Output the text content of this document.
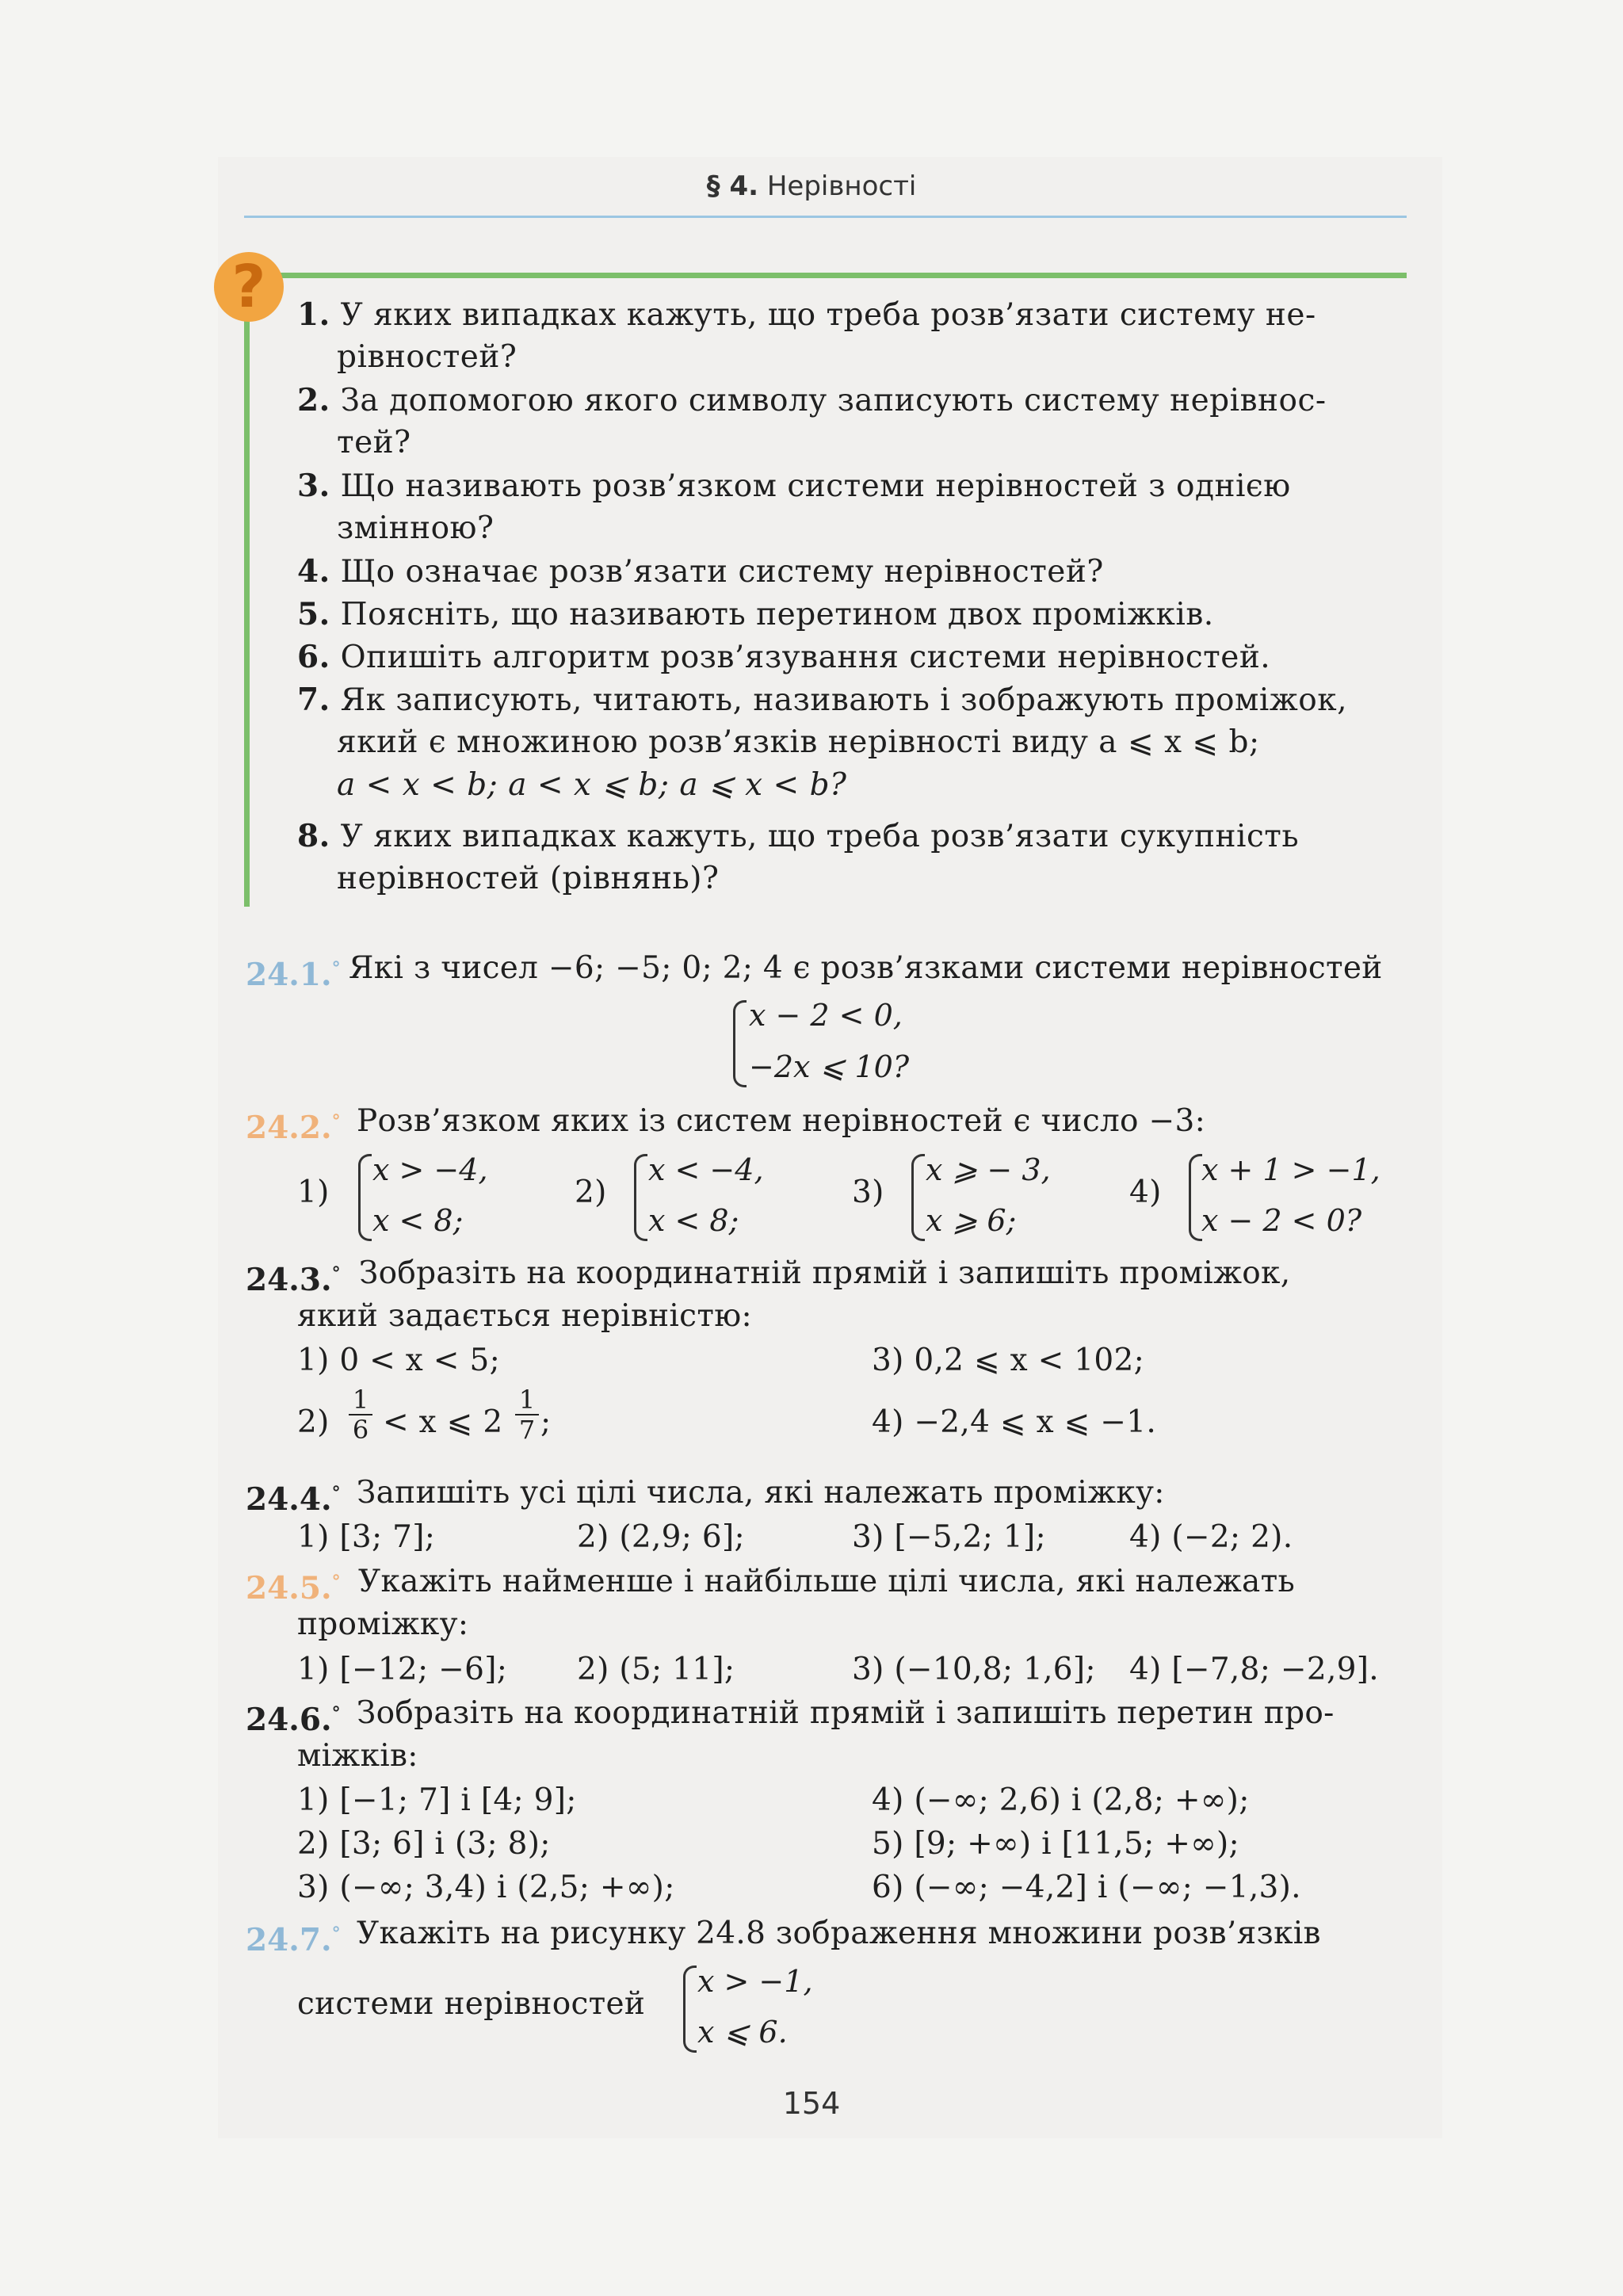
§ 4. Нерівності
?	1. У яких випадках кажуть, що треба розв’язати систему не-
рівностей?
2. За допомогою якого символу записують систему нерівнос-
тей?
3. Що називають розв’язком системи нерівностей з однією
змінною?
4. Що означає розв’язати систему нерівностей?
5. Поясніть, що називають перетином двох проміжків.
6. Опишіть алгоритм розв’язування системи нерівностей.
7. Як записують, читають, називають і зображують проміжок,
який є множиною розв’язків нерівності виду a ⩽ x ⩽ b;
a < x < b; a < x ⩽ b; a ⩽ x < b?
8. У яких випадках кажуть, що треба розв’язати сукупність
нерівностей (рівнянь)?
24.1.° Які з чисел −6; −5; 0; 2; 4 є розв’язками системи нерівностей
x − 2 < 0,
−2x ⩽ 10?
24.2.° Розв’язком яких із систем нерівностей є число −3:
1)
x > −4,
x < 8;
2)
x < −4,
x < 8;
3)
x ⩾ − 3,
x ⩾ 6;
4)
x + 1 > −1,
x − 2 < 0?
24.3.° Зобразіть на координатній прямій і запишіть проміжок,
який задається нерівністю:
1) 0 < x < 5;	3) 0,2 ⩽ x < 102;
$2) \frac{1}{6} < x$ ⩽ $2 \frac{1}{7}$ ;	4) −2,4 ⩽ x ⩽ −1.
24.4.° Запишіть усі цілі числа, які належать проміжку:
1) [3; 7];	2) (2,9; 6];	3) [−5,2; 1];	4) (−2; 2).
24.5.° Укажіть найменше і найбільше цілі числа, які належать
проміжку:
1) [−12; −6]; 2) (5; 11];	3) (−10,8; 1,6]; 4) [−7,8; −2,9].
24.6.° Зобразіть на координатній прямій і запишіть перетин про-
міжків:
1) [−1; 7] і [4; 9];
2) [3; 6] і (3; 8);
3) (−∞; 3,4) і (2,5; +∞);
4) (−∞; 2,6) і (2,8; +∞);
5) [9; +∞) і [11,5; +∞);
6) (−∞; −4,2] і (−∞; −1,3).
24.7.° Укажіть на рисунку 24.8 зображення множини розв’язків
системи нерівностей
x > −1,
x ⩽ 6.
154
